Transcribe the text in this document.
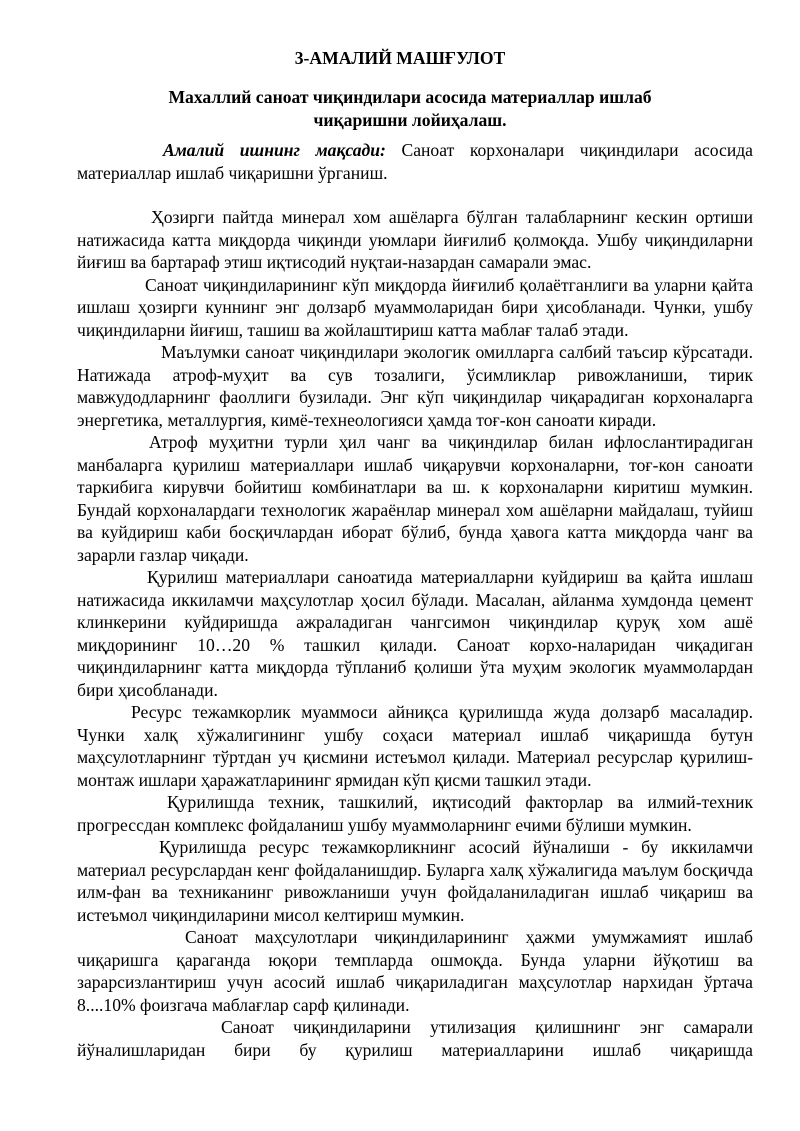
3-АМАЛИЙ МАШҒУЛОТ
Махаллий саноат чиқиндилари асосида материаллар ишлаб чиқаришни лойиҳалаш.

Амалий ишнинг мақсади: Саноат корхоналари чиқиндилари асосида материаллар ишлаб чиқаришни ўрганиш.

Ҳозирги пайтда минерал хом ашёларга бўлган талабларнинг кескин ортиши натижасида катта миқдорда чиқинди уюмлари йиғилиб қолмоқда. Ушбу чиқиндиларни йиғиш ва бартараф этиш иқтисодий нуқтаи-назардан самарали эмас.

Саноат чиқиндиларининг кўп миқдорда йиғилиб қолаётганлиги ва уларни қайта ишлаш ҳозирги куннинг энг долзарб муаммоларидан бири ҳисобланади. Чунки, ушбу чиқиндиларни йиғиш, ташиш ва жойлаштириш катта маблағ талаб этади.

Маълумки саноат чиқиндилари экологик омилларга салбий таъсир кўрсатади. Натижада атроф-муҳит ва сув тозалиги, ўсимликлар ривожланиши, тирик мавжудодларнинг фаоллиги бузилади. Энг кўп чиқиндилар чиқарадиган корхоналарга энергетика, металлургия, кимё-технеологияси ҳамда тоғ-кон саноати киради.

Атроф муҳитни турли ҳил чанг ва чиқиндилар билан ифлослантирадиган манбаларга қурилиш материаллари ишлаб чиқарувчи корхоналарни, тоғ-кон саноати таркибига кирувчи бойитиш комбинатлари ва ш. к корхоналарни киритиш мумкин. Бундай корхоналардаги технологик жараёнлар минерал хом ашёларни майдалаш, туйиш ва куйдириш каби босқичлардан иборат бўлиб, бунда ҳавога катта миқдорда чанг ва зарарли газлар чиқади.

Қурилиш материаллари саноатида материалларни куйдириш ва қайта ишлаш натижасида иккиламчи маҳсулотлар ҳосил бўлади. Масалан, айланма хумдонда цемент клинкерини куйдиришда ажраладиган чангсимон чиқиндилар қуруқ хом ашё миқдорининг 10…20 % ташкил қилади. Саноат корхо-наларидан чиқадиган чиқиндиларнинг катта миқдорда тўпланиб қолиши ўта муҳим экологик муаммолардан бири ҳисобланади.

Ресурс тежамкорлик муаммоси айниқса қурилишда жуда долзарб масаладир. Чунки халқ хўжалигининг ушбу соҳаси материал ишлаб чиқаришда бутун маҳсулотларнинг тўртдан уч қисмини истеъмол қилади. Материал ресурслар қурилиш-монтаж ишлари ҳаражатларининг ярмидан кўп қисми ташкил этади.

Қурилишда техник, ташкилий, иқтисодий факторлар ва илмий-техник прогрессдан комплекс фойдаланиш ушбу муаммоларнинг ечими бўлиши мумкин.

Қурилишда ресурс тежамкорликнинг асосий йўналиши - бу иккиламчи материал ресурслардан кенг фойдаланишдир. Буларга халқ хўжалигида маълум босқичда илм-фан ва техниканинг ривожланиши учун фойдаланиладиган ишлаб чиқариш ва истеъмол чиқиндиларини мисол келтириш мумкин.

Саноат маҳсулотлари чиқиндиларининг ҳажми умумжамият ишлаб чиқаришга қараганда юқори темпларда ошмоқда. Бунда уларни йўқотиш ва зарарсизлантириш учун асосий ишлаб чиқариладиган маҳсулотлар нархидан ўртача 8....10% фоизгача маблағлар сарф қилинади.

Саноат чиқиндиларини утилизация қилишнинг энг самарали йўналишларидан бири бу қурилиш материалларини ишлаб чиқаришда
